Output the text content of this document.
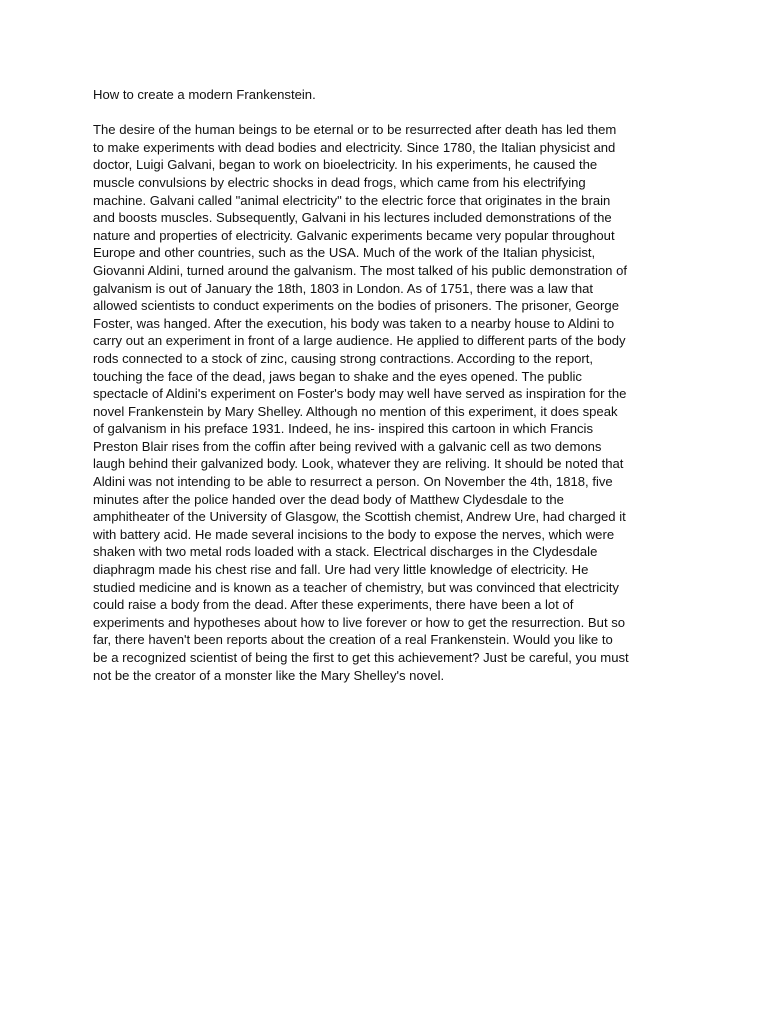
How to create a modern Frankenstein.
The desire of the human beings to be eternal or to be resurrected after death has led them
to make experiments with dead bodies and electricity. Since 1780, the Italian physicist and
doctor, Luigi Galvani, began to work on bioelectricity. In his experiments, he caused the
muscle convulsions by electric shocks in dead frogs, which came from his electrifying
machine. Galvani called "animal electricity" to the electric force that originates in the brain
and boosts muscles. Subsequently, Galvani in his lectures included demonstrations of the
nature and properties of electricity. Galvanic experiments became very popular throughout
Europe and other countries, such as the USA. Much of the work of the Italian physicist,
Giovanni Aldini, turned around the galvanism. The most talked of his public demonstration of
galvanism is out of January the 18th, 1803 in London. As of 1751, there was a law that
allowed scientists to conduct experiments on the bodies of prisoners. The prisoner, George
Foster, was hanged. After the execution, his body was taken to a nearby house to Aldini to
carry out an experiment in front of a large audience. He applied to different parts of the body
rods connected to a stock of zinc, causing strong contractions. According to the report,
touching the face of the dead, jaws began to shake and the eyes opened. The public
spectacle of Aldini's experiment on Foster's body may well have served as inspiration for the
novel Frankenstein by Mary Shelley. Although no mention of this experiment, it does speak
of galvanism in his preface 1931. Indeed, he ins- inspired this cartoon in which Francis
Preston Blair rises from the coffin after being revived with a galvanic cell as two demons
laugh behind their galvanized body. Look, whatever they are reliving. It should be noted that
Aldini was not intending to be able to resurrect a person. On November the 4th, 1818, five
minutes after the police handed over the dead body of Matthew Clydesdale to the
amphitheater of the University of Glasgow, the Scottish chemist, Andrew Ure, had charged it
with battery acid. He made several incisions to the body to expose the nerves, which were
shaken with two metal rods loaded with a stack. Electrical discharges in the Clydesdale
diaphragm made his chest rise and fall. Ure had very little knowledge of electricity. He
studied medicine and is known as a teacher of chemistry, but was convinced that electricity
could raise a body from the dead. After these experiments, there have been a lot of
experiments and hypotheses about how to live forever or how to get the resurrection. But so
far, there haven't been reports about the creation of a real Frankenstein. Would you like to
be a recognized scientist of being the first to get this achievement? Just be careful, you must
not be the creator of a monster like the Mary Shelley's novel.
